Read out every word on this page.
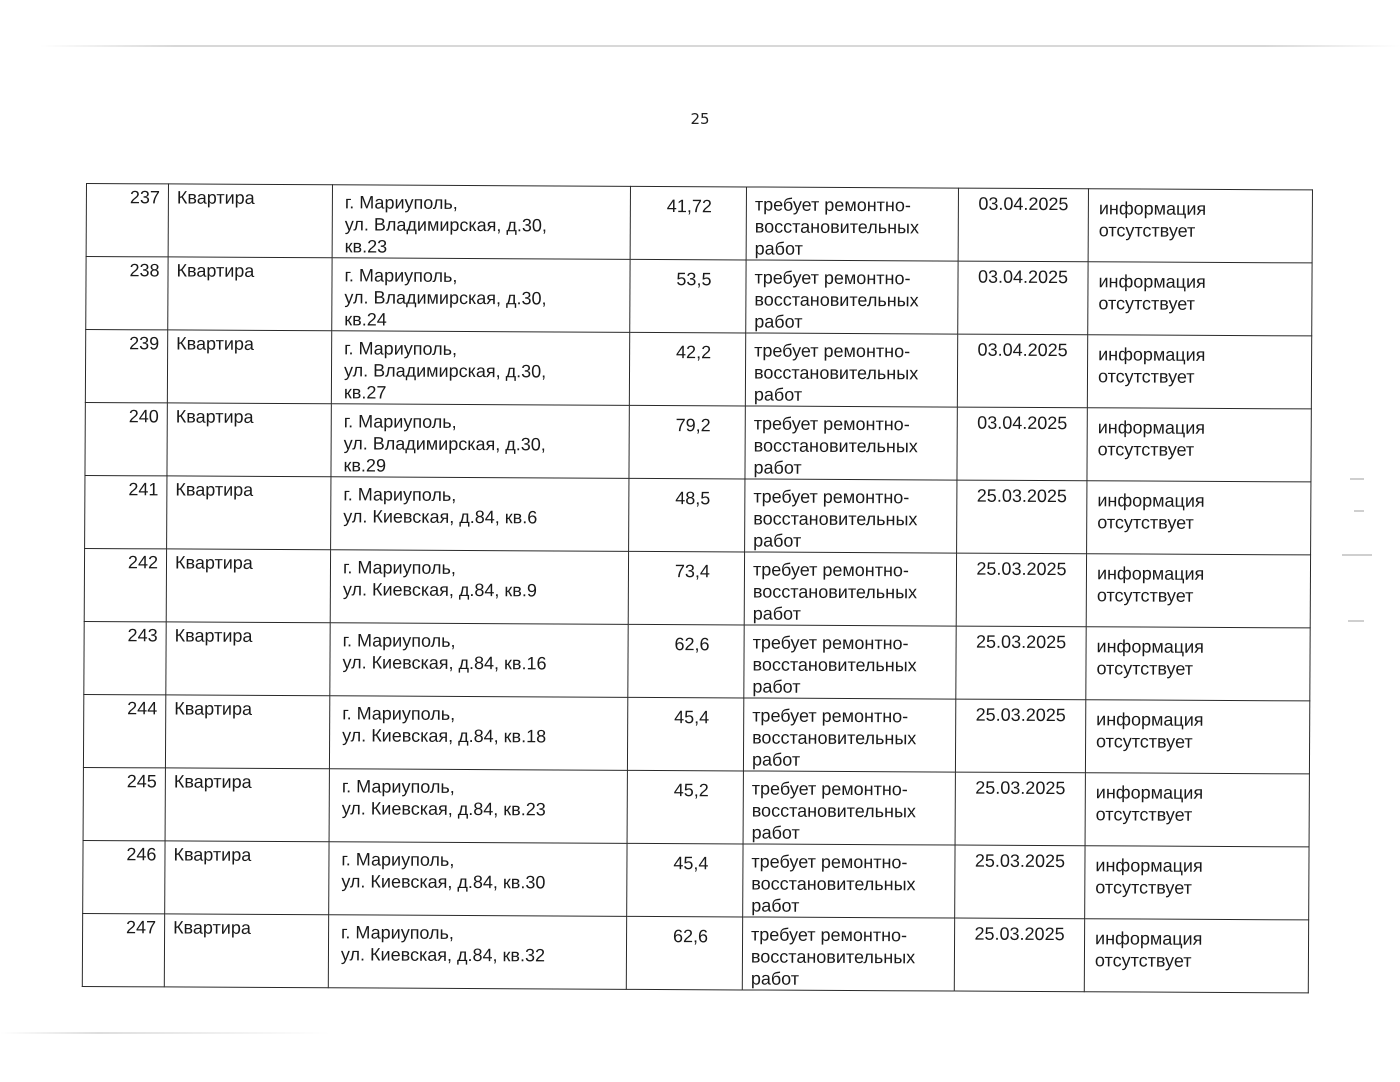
25
237	Квартира	г. Мариуполь,
ул. Владимирская, д.30,
кв.23	41,72	требует ремонтно-восстановительных работ	03.04.2025	информация отсутствует
238	Квартира	г. Мариуполь,
ул. Владимирская, д.30,
кв.24	53,5	требует ремонтно-восстановительных работ	03.04.2025	информация отсутствует
239	Квартира	г. Мариуполь,
ул. Владимирская, д.30,
кв.27	42,2	требует ремонтно-восстановительных работ	03.04.2025	информация отсутствует
240	Квартира	г. Мариуполь,
ул. Владимирская, д.30,
кв.29	79,2	требует ремонтно-восстановительных работ	03.04.2025	информация отсутствует
241	Квартира	г. Мариуполь,
ул. Киевская, д.84, кв.6	48,5	требует ремонтно-восстановительных работ	25.03.2025	информация отсутствует
242	Квартира	г. Мариуполь,
ул. Киевская, д.84, кв.9	73,4	требует ремонтно-восстановительных работ	25.03.2025	информация отсутствует
243	Квартира	г. Мариуполь,
ул. Киевская, д.84, кв.16	62,6	требует ремонтно-восстановительных работ	25.03.2025	информация отсутствует
244	Квартира	г. Мариуполь,
ул. Киевская, д.84, кв.18	45,4	требует ремонтно-восстановительных работ	25.03.2025	информация отсутствует
245	Квартира	г. Мариуполь,
ул. Киевская, д.84, кв.23	45,2	требует ремонтно-восстановительных работ	25.03.2025	информация отсутствует
246	Квартира	г. Мариуполь,
ул. Киевская, д.84, кв.30	45,4	требует ремонтно-восстановительных работ	25.03.2025	информация отсутствует
247	Квартира	г. Мариуполь,
ул. Киевская, д.84, кв.32	62,6	требует ремонтно-восстановительных работ	25.03.2025	информация отсутствует
